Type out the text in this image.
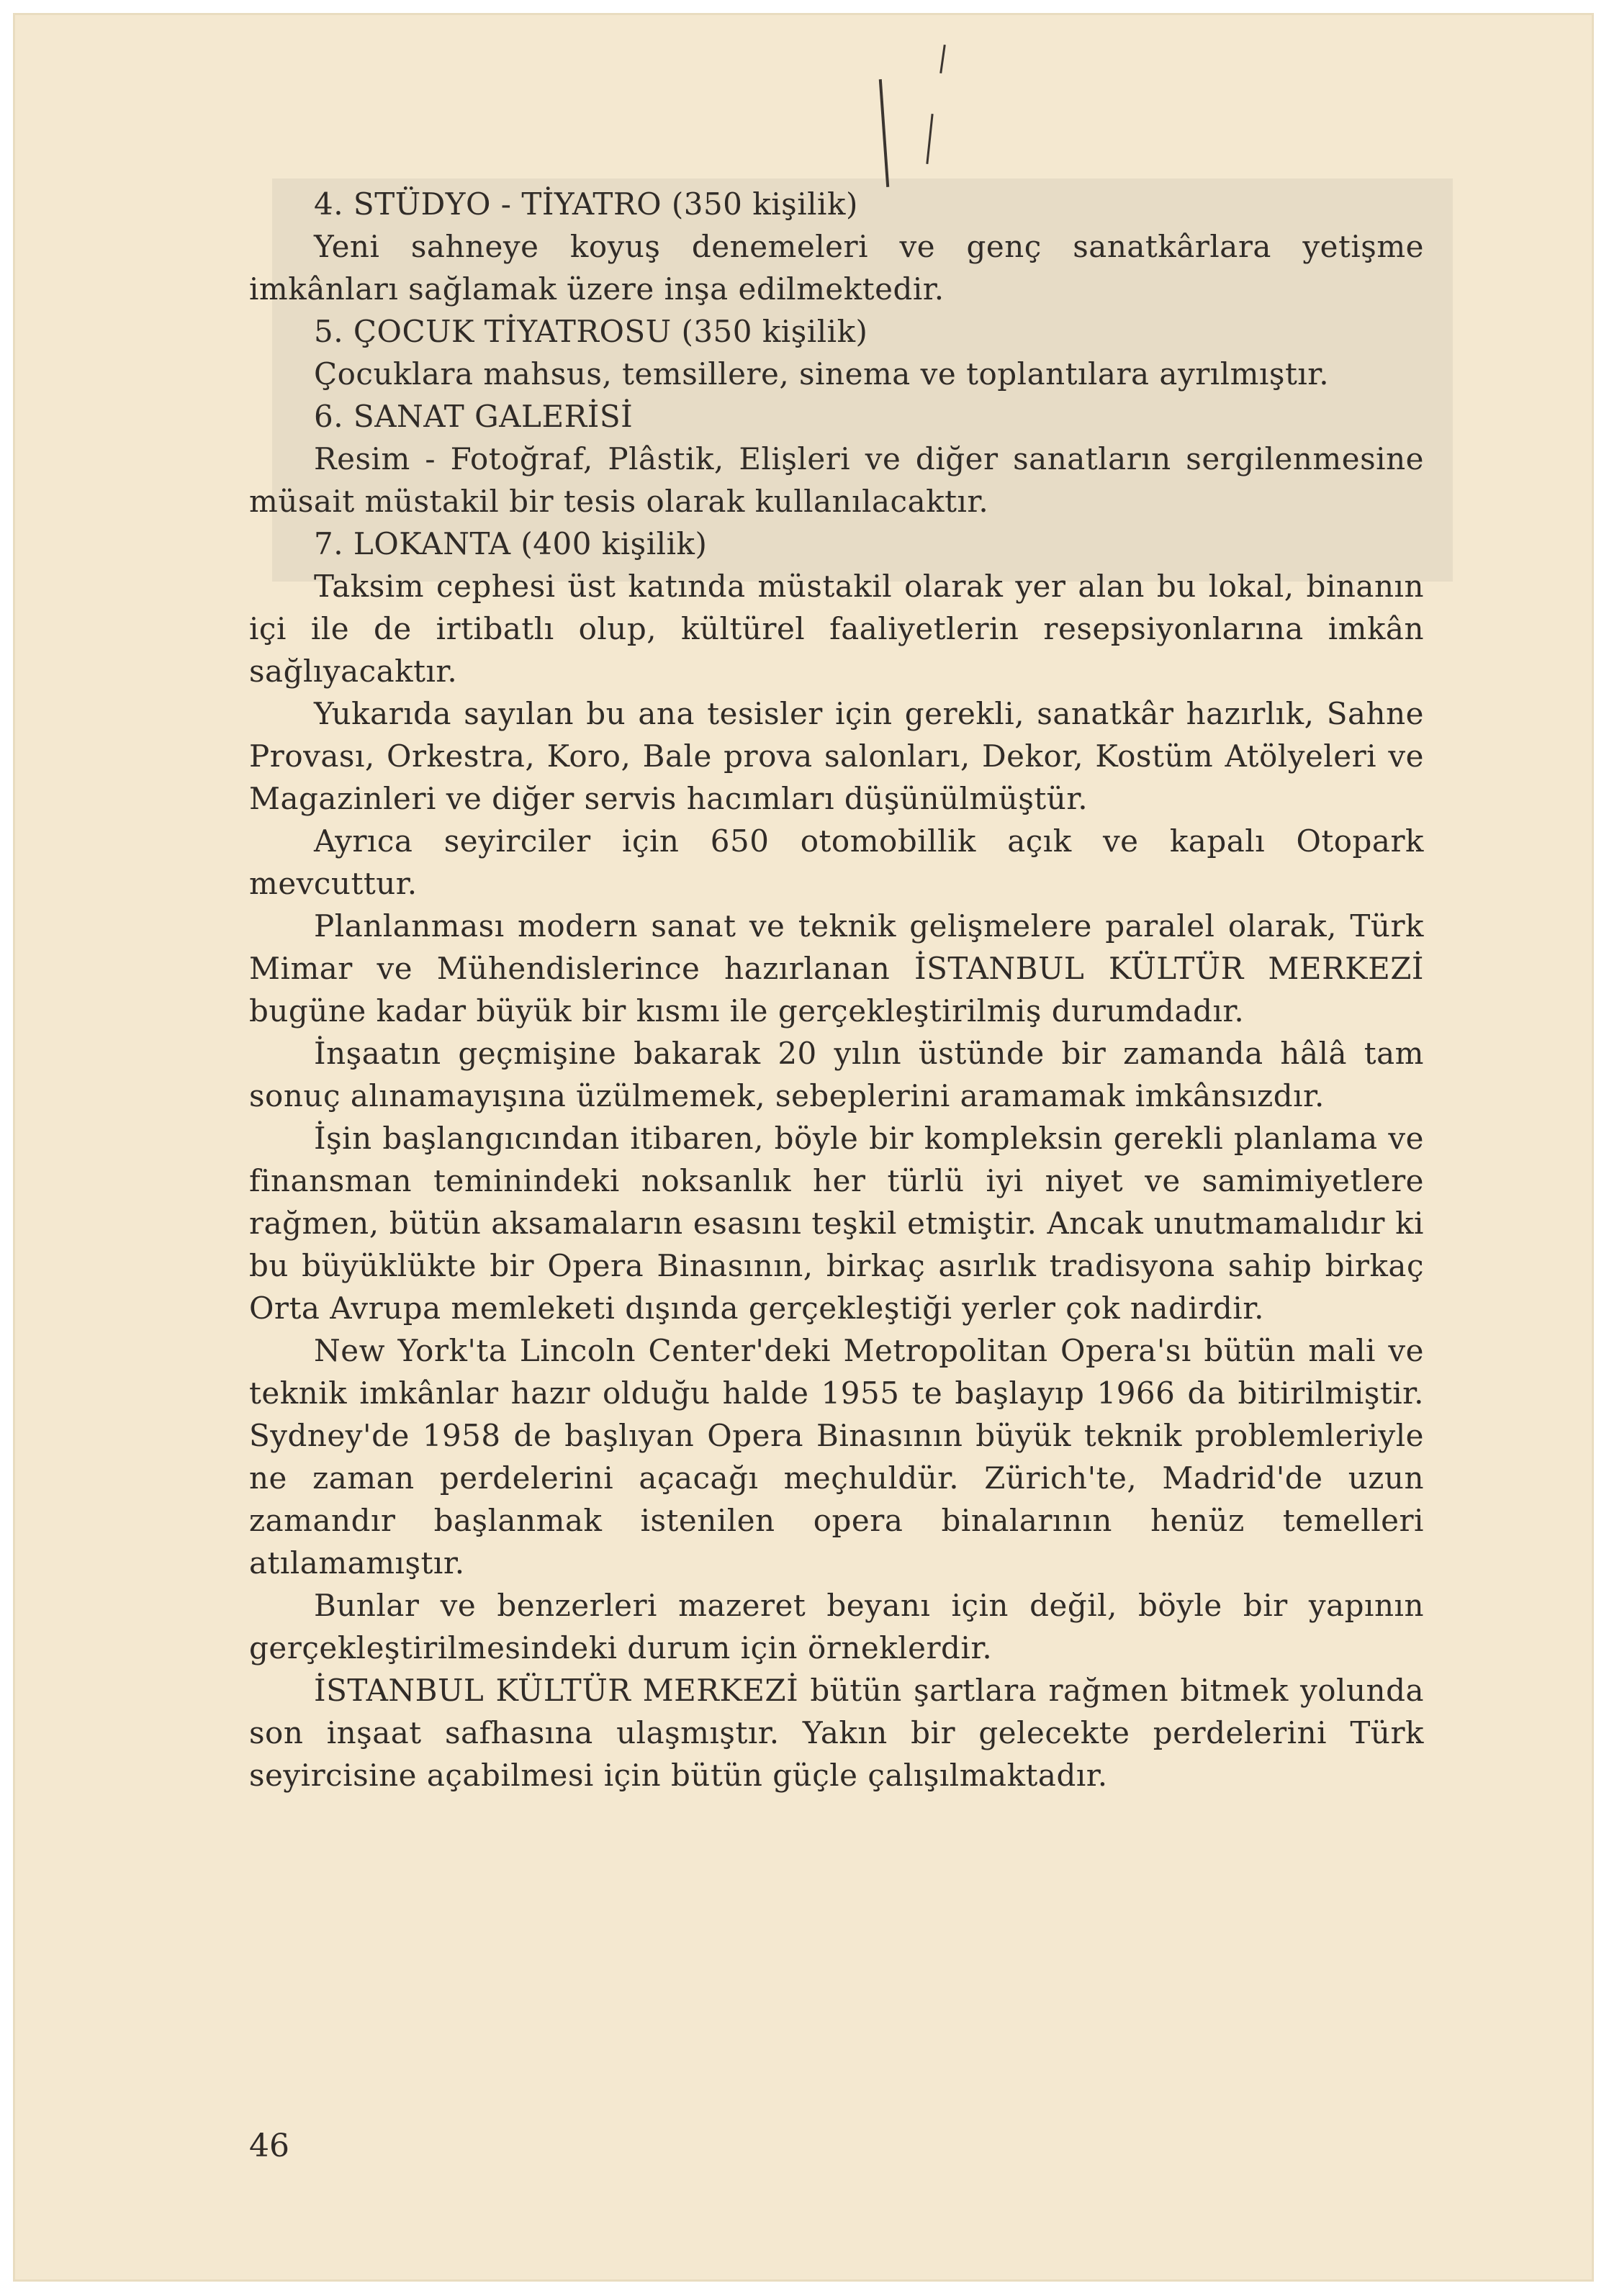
4. STÜDYO - TİYATRO (350 kişilik)

Yeni sahneye koyuş denemeleri ve genç sanatkârlara yetişme imkânları sağlamak üzere inşa edilmektedir.

5. ÇOCUK TİYATROSU (350 kişilik)

Çocuklara mahsus, temsillere, sinema ve toplantılara ayrılmıştır.

6. SANAT GALERİSİ

Resim - Fotoğraf, Plâstik, Elişleri ve diğer sanatların sergilenmesine müsait müstakil bir tesis olarak kullanılacaktır.

7. LOKANTA (400 kişilik)

Taksim cephesi üst katında müstakil olarak yer alan bu lokal, binanın içi ile de irtibatlı olup, kültürel faaliyetlerin resepsiyonlarına imkân sağlıyacaktır.

Yukarıda sayılan bu ana tesisler için gerekli, sanatkâr hazırlık, Sahne Provası, Orkestra, Koro, Bale prova salonları, Dekor, Kostüm Atölyeleri ve Magazinleri ve diğer servis hacımları düşünülmüştür.

Ayrıca seyirciler için 650 otomobillik açık ve kapalı Otopark mevcuttur.

Planlanması modern sanat ve teknik gelişmelere paralel olarak, Türk Mimar ve Mühendislerince hazırlanan İSTANBUL KÜLTÜR MERKEZİ bugüne kadar büyük bir kısmı ile gerçekleştirilmiş durumdadır.

İnşaatın geçmişine bakarak 20 yılın üstünde bir zamanda hâlâ tam sonuç alınamayışına üzülmemek, sebeplerini aramamak imkânsızdır.

İşin başlangıcından itibaren, böyle bir kompleksin gerekli planlama ve finansman teminindeki noksanlık her türlü iyi niyet ve samimiyetlere rağmen, bütün aksamaların esasını teşkil etmiştir. Ancak unutmamalıdır ki bu büyüklükte bir Opera Binasının, birkaç asırlık tradisyona sahip birkaç Orta Avrupa memleketi dışında gerçekleştiği yerler çok nadirdir.

New York'ta Lincoln Center'deki Metropolitan Opera'sı bütün mali ve teknik imkânlar hazır olduğu halde 1955 te başlayıp 1966 da bitirilmiştir. Sydney'de 1958 de başlıyan Opera Binasının büyük teknik problemleriyle ne zaman perdelerini açacağı meçhuldür. Zürich'te, Madrid'de uzun zamandır başlanmak istenilen opera binalarının henüz temelleri atılamamıştır.

Bunlar ve benzerleri mazeret beyanı için değil, böyle bir yapının gerçekleştirilmesindeki durum için örneklerdir.

İSTANBUL KÜLTÜR MERKEZİ bütün şartlara rağmen bitmek yolunda son inşaat safhasına ulaşmıştır. Yakın bir gelecekte perdelerini Türk seyircisine açabilmesi için bütün güçle çalışılmaktadır.

46
